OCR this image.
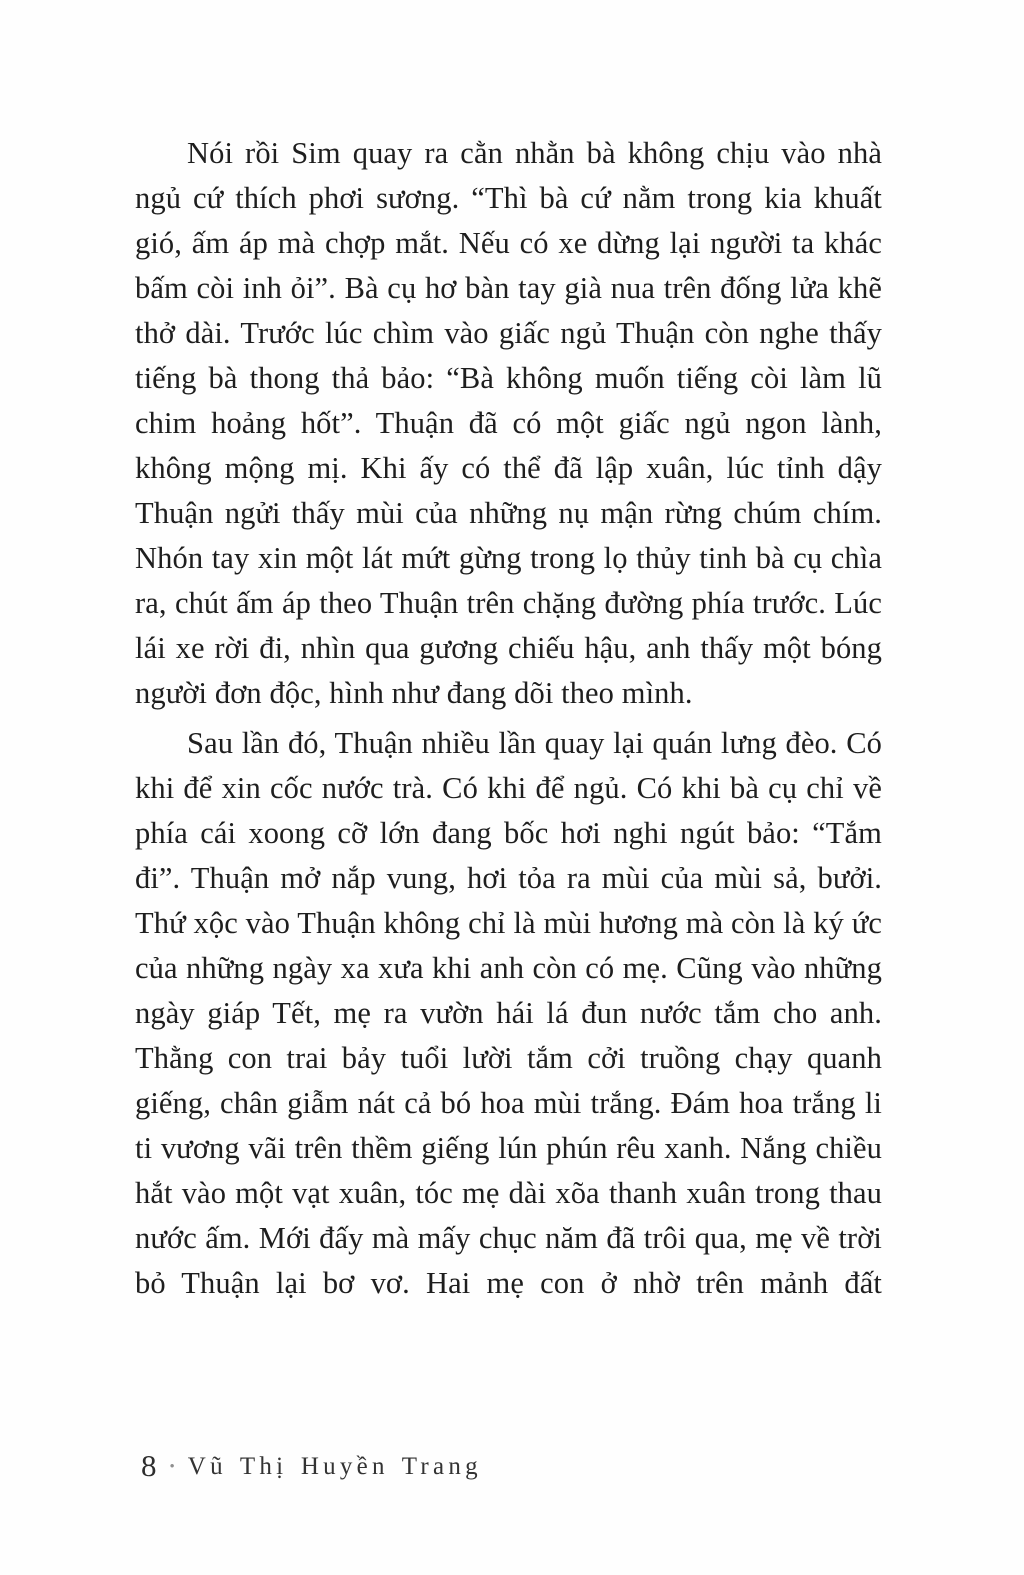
Nói rồi Sim quay ra cằn nhằn bà không chịu vào nhà ngủ cứ thích phơi sương. “Thì bà cứ nằm trong kia khuất gió, ấm áp mà chợp mắt. Nếu có xe dừng lại người ta khác bấm còi inh ỏi”. Bà cụ hơ bàn tay già nua trên đống lửa khẽ thở dài. Trước lúc chìm vào giấc ngủ Thuận còn nghe thấy tiếng bà thong thả bảo: “Bà không muốn tiếng còi làm lũ chim hoảng hốt”. Thuận đã có một giấc ngủ ngon lành, không mộng mị. Khi ấy có thể đã lập xuân, lúc tỉnh dậy Thuận ngửi thấy mùi của những nụ mận rừng chúm chím. Nhón tay xin một lát mứt gừng trong lọ thủy tinh bà cụ chìa ra, chút ấm áp theo Thuận trên chặng đường phía trước. Lúc lái xe rời đi, nhìn qua gương chiếu hậu, anh thấy một bóng người đơn độc, hình như đang dõi theo mình.

Sau lần đó, Thuận nhiều lần quay lại quán lưng đèo. Có khi để xin cốc nước trà. Có khi để ngủ. Có khi bà cụ chỉ về phía cái xoong cỡ lớn đang bốc hơi nghi ngút bảo: “Tắm đi”. Thuận mở nắp vung, hơi tỏa ra mùi của mùi sả, bưởi. Thứ xộc vào Thuận không chỉ là mùi hương mà còn là ký ức của những ngày xa xưa khi anh còn có mẹ. Cũng vào những ngày giáp Tết, mẹ ra vườn hái lá đun nước tắm cho anh. Thằng con trai bảy tuổi lười tắm cởi truồng chạy quanh giếng, chân giẫm nát cả bó hoa mùi trắng. Đám hoa trắng li ti vương vãi trên thềm giếng lún phún rêu xanh. Nắng chiều hắt vào một vạt xuân, tóc mẹ dài xõa thanh xuân trong thau nước ấm. Mới đấy mà mấy chục năm đã trôi qua, mẹ về trời bỏ Thuận lại bơ vơ. Hai mẹ con ở nhờ trên mảnh đất

8 • Vũ Thị Huyền Trang
